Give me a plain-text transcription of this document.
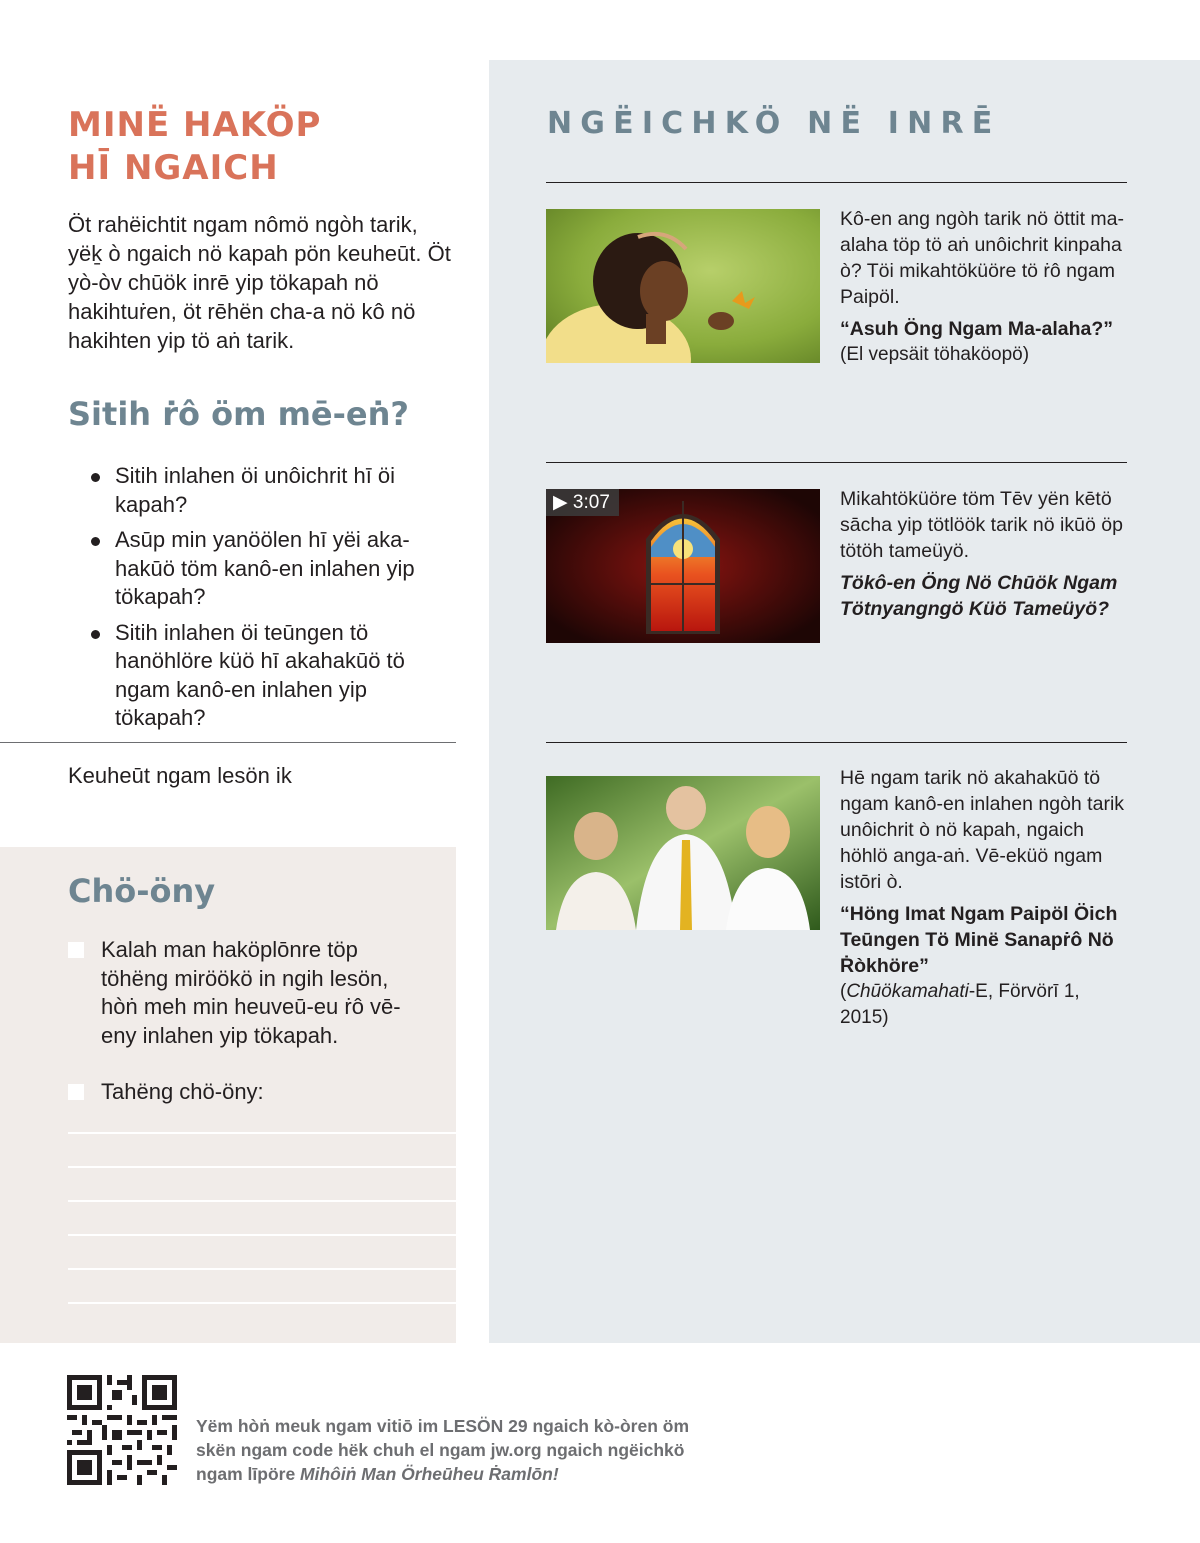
MINË HAKÖP
HĪ NGAICH

Öt rahëichtit ngam nômö ngòh tarik, yëḵ ò ngaich nö kapah pön keuheūt. Öt yò-òv chūök inrē yip tökapah nö hakihtuṙen, öt rēhën cha-a nö kô nö hakihten yip tö aṅ tarik.

Sitih ṙô öm mē-eṅ?
Sitih inlahen öi unôichrit hī öi kapah?
Asūp min yanöölen hī yëi aka-hakūö töm kanô-en inlahen yip tökapah?
Sitih inlahen öi teūngen tö hanöhlöre küö hī akahakūö tö ngam kanô-en inlahen yip tökapah?

Keuheūt ngam lesön ik

Chö-öny
Kalah man haköplōnre töp töhëng miröökö in ngih lesön, hòṅ meh min heuveū-eu ṙô vē-eny inlahen yip tökapah.
Tahëng chö-öny:
NGËICHKÖ NË INRĒ
Kô-en ang ngòh tarik nö öttit ma-alaha töp tö aṅ unôichrit kinpaha ò? Töi mikahtöküöre tö ṙô ngam Paipöl.
“Asuh Öng Ngam Ma-alaha?”
(El vepsäit töhaköopö)
▶ 3:07	Mikahtöküöre töm Tēv yën kētö sācha yip tötlöök tarik nö ikūö öp tötöh tameüyö.
Tökô-en Öng Nö Chūök Ngam Tötnyangngö Küö Tameüyö?
Hē ngam tarik nö akahakūö tö ngam kanô-en inlahen ngòh tarik unôichrit ò nö kapah, ngaich höhlö anga-aṅ. Vē-eküö ngam istōri ò.
“Höng Imat Ngam Paipöl Öich Teūngen Tö Minë Sanapṙô Nö Ṙòkhöre”
(Chūökamahati-E, Förvörī 1, 2015)

Yëm hòṅ meuk ngam vitiō im LESÖN 29 ngaich kò-òren öm skën ngam code hëk chuh el ngam jw.org ngaich ngëichkö ngam līpöre Mihôiṅ Man Örheūheu Ṙamlōn!
